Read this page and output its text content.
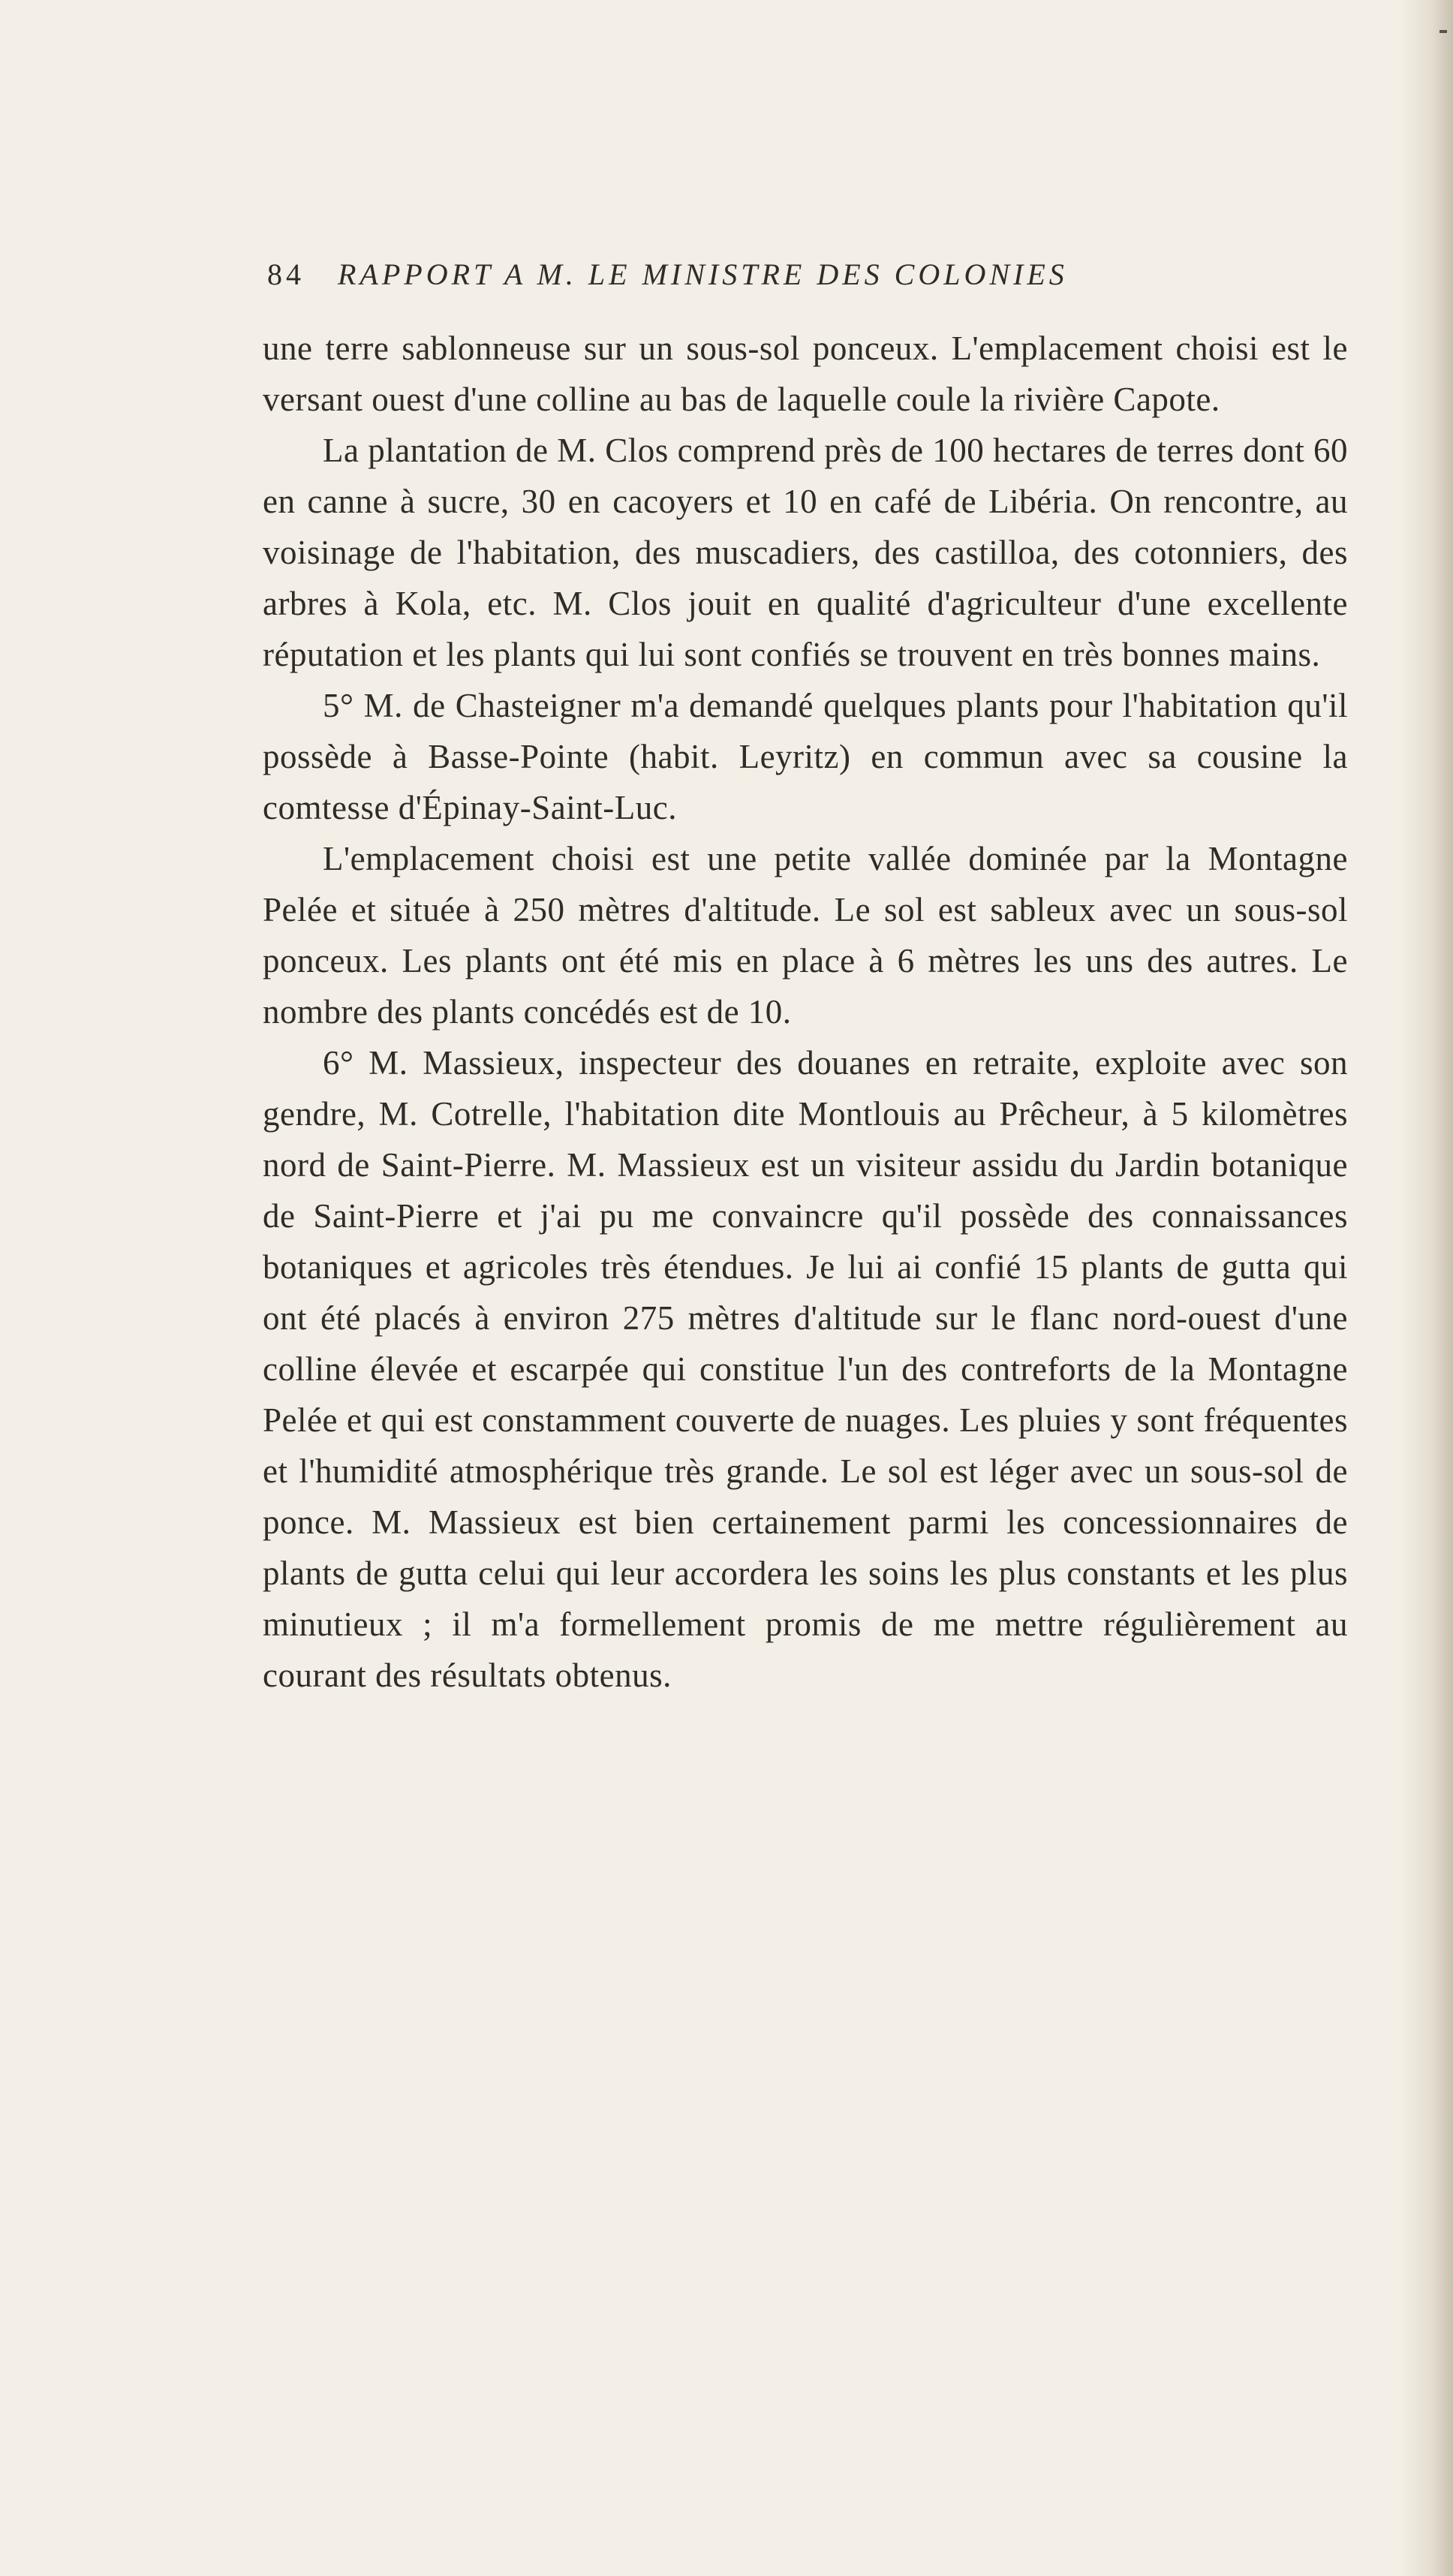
84 RAPPORT A M. LE MINISTRE DES COLONIES

une terre sablonneuse sur un sous-sol ponceux. L'emplacement choisi est le versant ouest d'une colline au bas de laquelle coule la rivière Capote.

La plantation de M. Clos comprend près de 100 hectares de terres dont 60 en canne à sucre, 30 en cacoyers et 10 en café de Libéria. On rencontre, au voisinage de l'habitation, des muscadiers, des castilloa, des cotonniers, des arbres à Kola, etc. M. Clos jouit en qualité d'agriculteur d'une excellente réputation et les plants qui lui sont confiés se trouvent en très bonnes mains.

5° M. de Chasteigner m'a demandé quelques plants pour l'habitation qu'il possède à Basse-Pointe (habit. Leyritz) en commun avec sa cousine la comtesse d'Épinay-Saint-Luc.

L'emplacement choisi est une petite vallée dominée par la Montagne Pelée et située à 250 mètres d'altitude. Le sol est sableux avec un sous-sol ponceux. Les plants ont été mis en place à 6 mètres les uns des autres. Le nombre des plants concédés est de 10.

6° M. Massieux, inspecteur des douanes en retraite, exploite avec son gendre, M. Cotrelle, l'habitation dite Montlouis au Prêcheur, à 5 kilomètres nord de Saint-Pierre. M. Massieux est un visiteur assidu du Jardin botanique de Saint-Pierre et j'ai pu me convaincre qu'il possède des connaissances botaniques et agricoles très étendues. Je lui ai confié 15 plants de gutta qui ont été placés à environ 275 mètres d'altitude sur le flanc nord-ouest d'une colline élevée et escarpée qui constitue l'un des contreforts de la Montagne Pelée et qui est constamment couverte de nuages. Les pluies y sont fréquentes et l'humidité atmosphérique très grande. Le sol est léger avec un sous-sol de ponce. M. Massieux est bien certainement parmi les concessionnaires de plants de gutta celui qui leur accordera les soins les plus constants et les plus minutieux ; il m'a formellement promis de me mettre régulièrement au courant des résultats obtenus.
